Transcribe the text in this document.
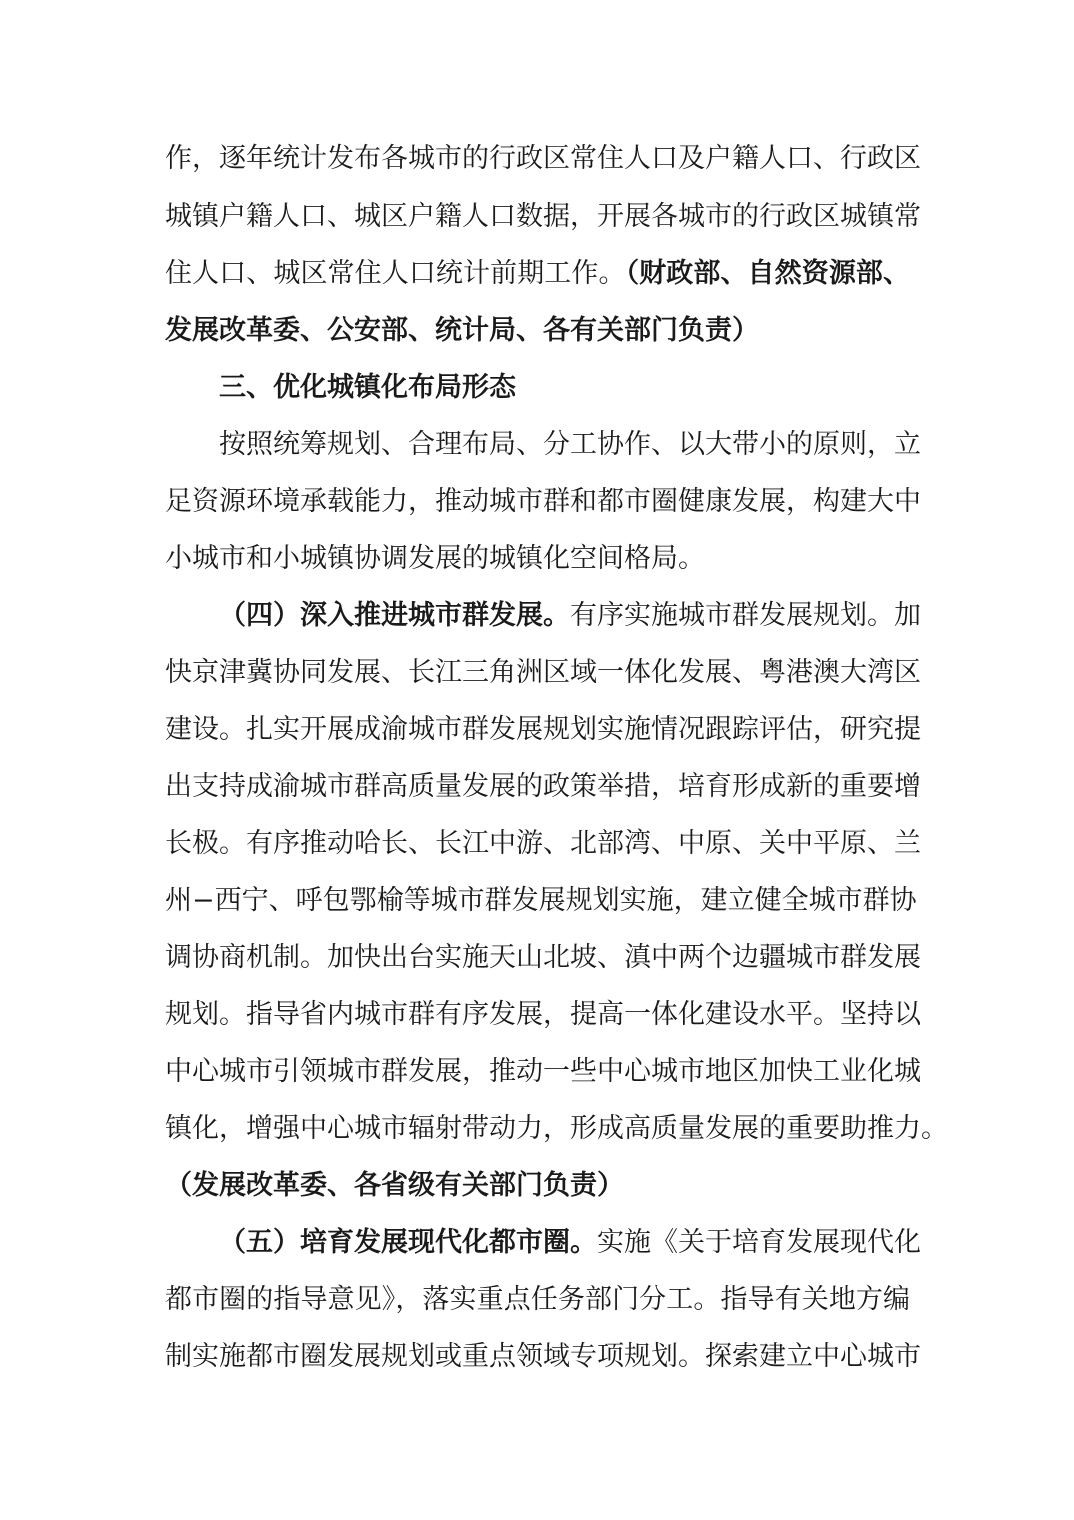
作，逐年统计发布各城市的行政区常住人口及户籍人口、行政区
城镇户籍人口、城区户籍人口数据，开展各城市的行政区城镇常
住人口、城区常住人口统计前期工作。（财政部、自然资源部、
发展改革委、公安部、统计局、各有关部门负责）
三、优化城镇化布局形态
按照统筹规划、合理布局、分工协作、以大带小的原则，立
足资源环境承载能力，推动城市群和都市圈健康发展，构建大中
小城市和小城镇协调发展的城镇化空间格局。
（四）深入推进城市群发展。有序实施城市群发展规划。加
快京津冀协同发展、长江三角洲区域一体化发展、粤港澳大湾区
建设。扎实开展成渝城市群发展规划实施情况跟踪评估，研究提
出支持成渝城市群高质量发展的政策举措，培育形成新的重要增
长极。有序推动哈长、长江中游、北部湾、中原、关中平原、兰
州−西宁、呼包鄂榆等城市群发展规划实施，建立健全城市群协
调协商机制。加快出台实施天山北坡、滇中两个边疆城市群发展
规划。指导省内城市群有序发展，提高一体化建设水平。坚持以
中心城市引领城市群发展，推动一些中心城市地区加快工业化城
镇化，增强中心城市辐射带动力，形成高质量发展的重要助推力。
（发展改革委、各省级有关部门负责）
（五）培育发展现代化都市圈。实施《关于培育发展现代化
都市圈的指导意见》，落实重点任务部门分工。指导有关地方编
制实施都市圈发展规划或重点领域专项规划。探索建立中心城市
